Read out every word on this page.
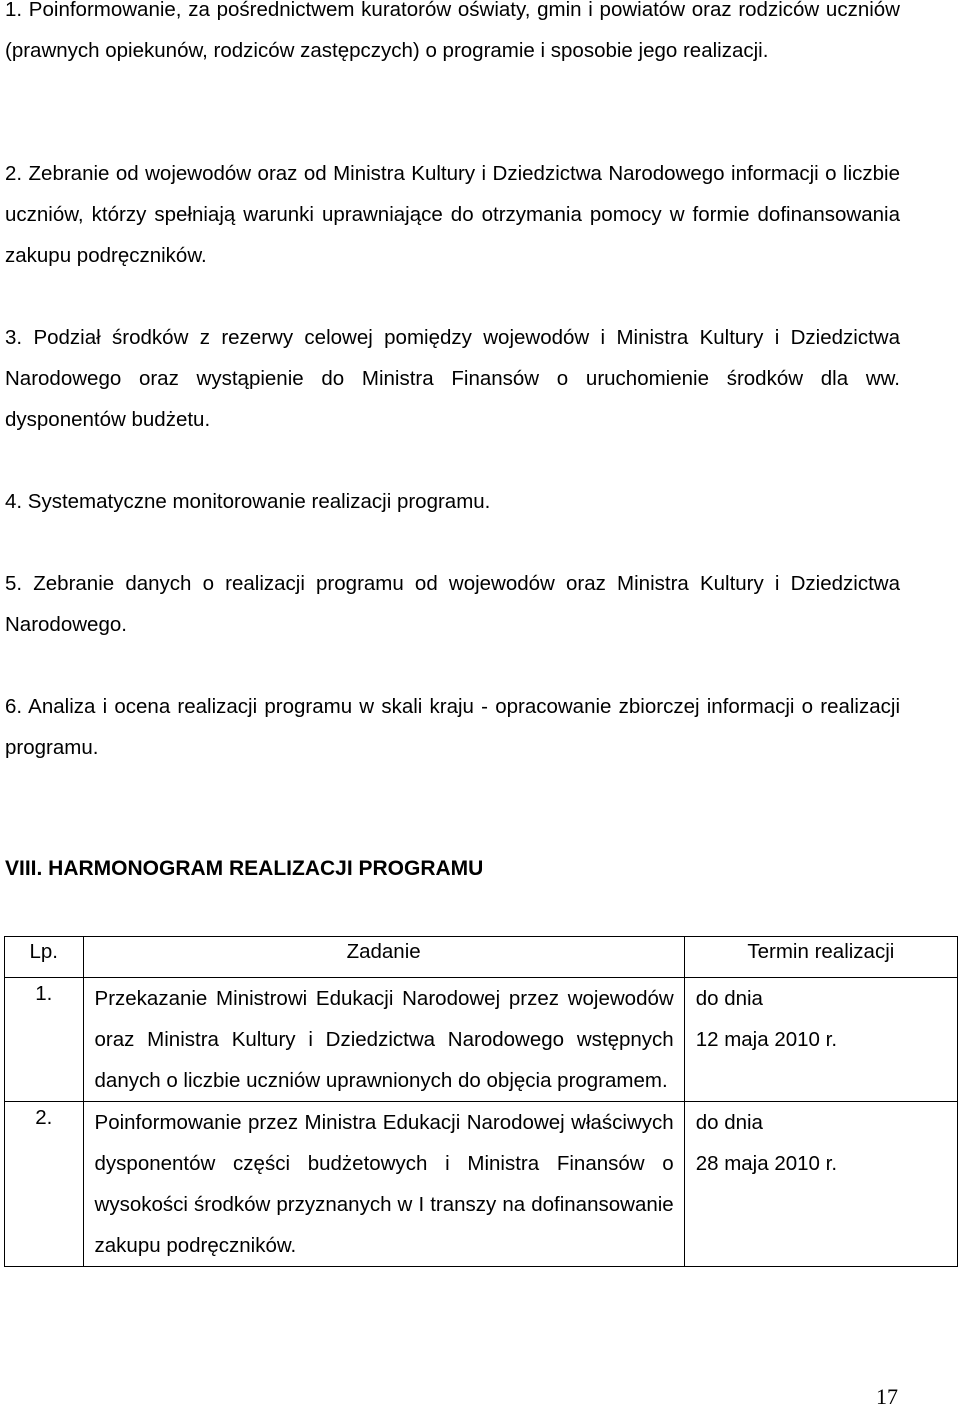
1. Poinformowanie, za pośrednictwem kuratorów oświaty, gmin i powiatów oraz rodziców uczniów (prawnych opiekunów, rodziców zastępczych) o programie i sposobie jego realizacji.

2. Zebranie od wojewodów oraz od Ministra Kultury i Dziedzictwa Narodowego informacji o liczbie uczniów, którzy spełniają warunki uprawniające do otrzymania pomocy w formie dofinansowania zakupu podręczników.

3. Podział środków z rezerwy celowej pomiędzy wojewodów i Ministra Kultury i Dziedzictwa Narodowego oraz wystąpienie do Ministra Finansów o uruchomienie środków dla ww. dysponentów budżetu.

4. Systematyczne monitorowanie realizacji programu.

5. Zebranie danych o realizacji programu od wojewodów oraz Ministra Kultury i Dziedzictwa Narodowego.

6. Analiza i ocena realizacji programu w skali kraju - opracowanie zbiorczej informacji o realizacji programu.

VIII. HARMONOGRAM REALIZACJI PROGRAMU
Lp.	Zadanie	Termin realizacji
1.	Przekazanie Ministrowi Edukacji Narodowej przez wojewodów oraz Ministra Kultury i Dziedzictwa Narodowego wstępnych danych o liczbie uczniów uprawnionych do objęcia programem.	do dnia
12 maja 2010 r.

2.	Poinformowanie przez Ministra Edukacji Narodowej właściwych dysponentów części budżetowych i Ministra Finansów o wysokości środków przyznanych w I transzy na dofinansowanie zakupu podręczników.	do dnia
28 maja 2010 r.
17
